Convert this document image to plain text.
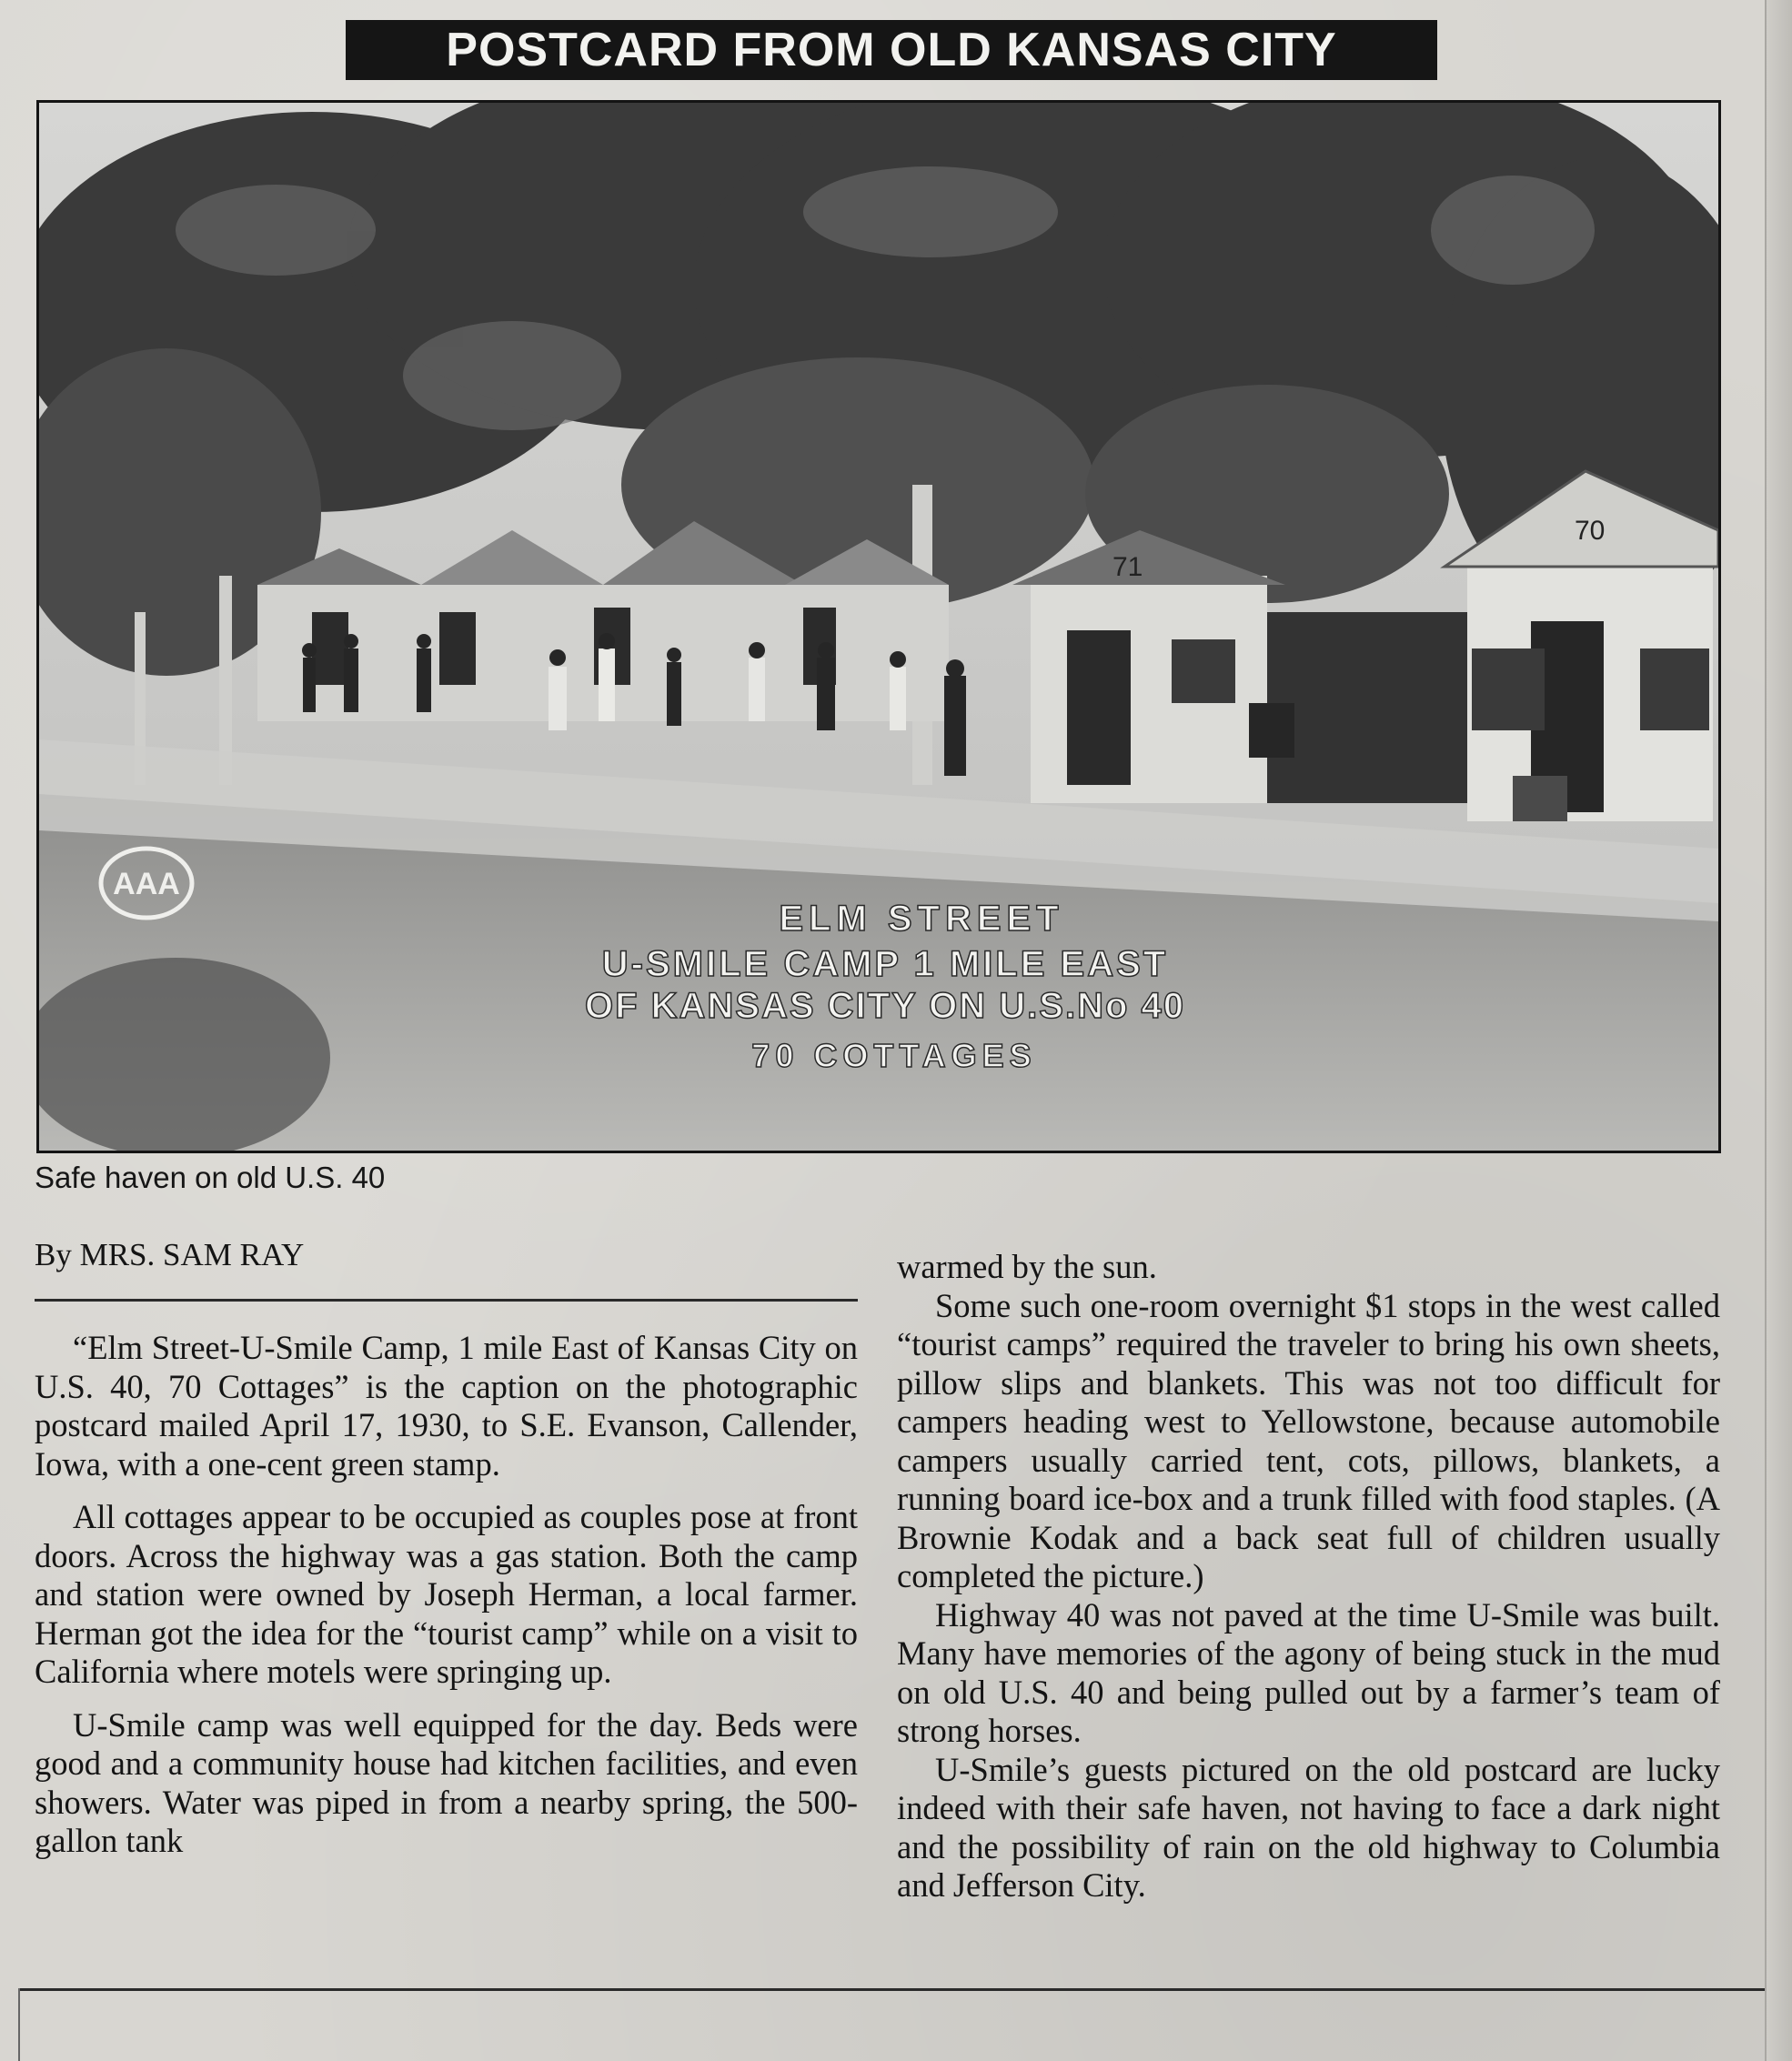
POSTCARD FROM OLD KANSAS CITY
71
70
AAA
ELM STREET
U-SMILE CAMP 1 MILE EAST
OF KANSAS CITY ON U.S.No 40
70 COTTAGES
Safe haven on old U.S. 40
By MRS. SAM RAY

“Elm Street-U-Smile Camp, 1 mile East of Kansas City on U.S. 40, 70 Cottages” is the caption on the photographic postcard mailed April 17, 1930, to S.E. Evanson, Callender, Iowa, with a one-cent green stamp.

All cottages appear to be occupied as couples pose at front doors. Across the highway was a gas station. Both the camp and station were owned by Joseph Herman, a local farmer. Herman got the idea for the “tourist camp” while on a visit to California where motels were springing up.

U-Smile camp was well equipped for the day. Beds were good and a community house had kitchen facilities, and even showers. Water was piped in from a nearby spring, the 500-gallon tank

warmed by the sun.

Some such one-room overnight $1 stops in the west called “tourist camps” required the traveler to bring his own sheets, pillow slips and blankets. This was not too difficult for campers heading west to Yellowstone, because automobile campers usually carried tent, cots, pillows, blankets, a running board ice-box and a trunk filled with food staples. (A Brownie Kodak and a back seat full of children usually completed the picture.)

Highway 40 was not paved at the time U-Smile was built. Many have memories of the agony of being stuck in the mud on old U.S. 40 and being pulled out by a farmer’s team of strong horses.

U-Smile’s guests pictured on the old postcard are lucky indeed with their safe haven, not having to face a dark night and the possibility of rain on the old highway to Columbia and Jefferson City.
